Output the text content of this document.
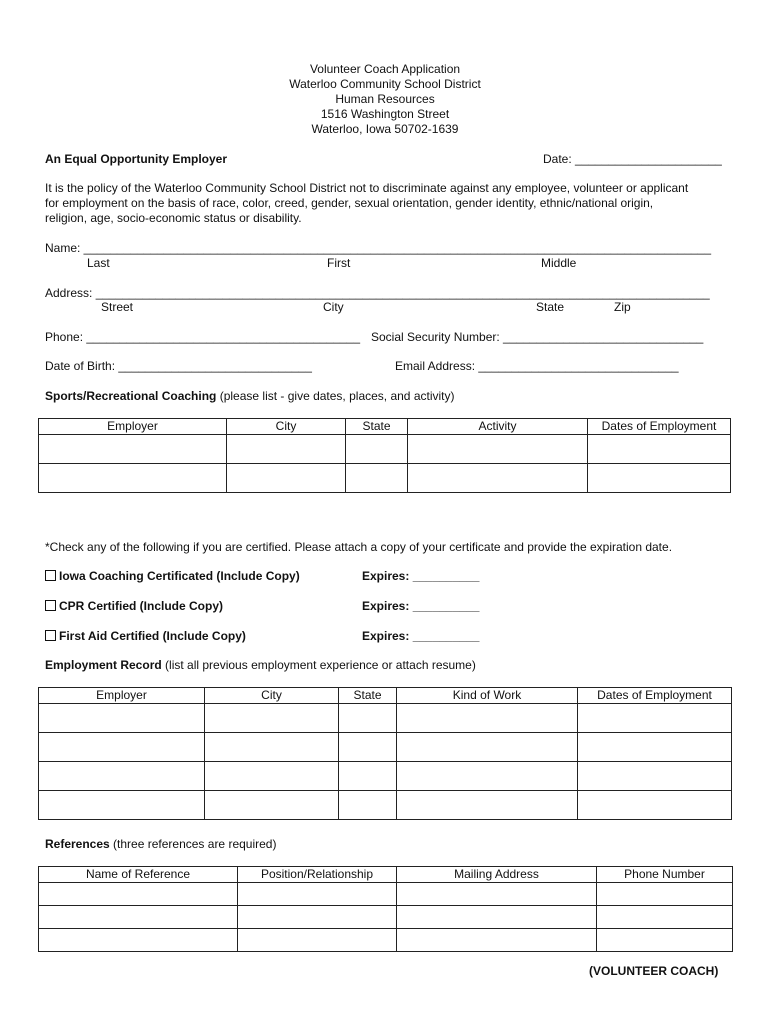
Volunteer Coach Application
Waterloo Community School District
Human Resources
1516 Washington Street
Waterloo, Iowa 50702-1639
An Equal Opportunity Employer	Date: ______________________
It is the policy of the Waterloo Community School District not to discriminate against any employee, volunteer or applicant
for employment on the basis of race, color, creed, gender, sexual orientation, gender identity, ethnic/national origin,
religion, age, socio-economic status or disability.
Name: ______________________________________________________________________________________________
Last	First	Middle
Address: ____________________________________________________________________________________________
Street	City	State	Zip
Phone: _________________________________________ Social Security Number: ______________________________
Date of Birth: _____________________________	Email Address: ______________________________
Sports/Recreational Coaching (please list - give dates, places, and activity)
Employer	City	State	Activity	Dates of Employment

*Check any of the following if you are certified. Please attach a copy of your certificate and provide the expiration date.
Iowa Coaching Certificated (Include Copy)	Expires: __________
CPR Certified (Include Copy)	Expires: __________
First Aid Certified (Include Copy)	Expires: __________
Employment Record (list all previous employment experience or attach resume)
Employer	City	State	Kind of Work	Dates of Employment

References (three references are required)
Name of Reference	Position/Relationship	Mailing Address	Phone Number

(VOLUNTEER COACH)
